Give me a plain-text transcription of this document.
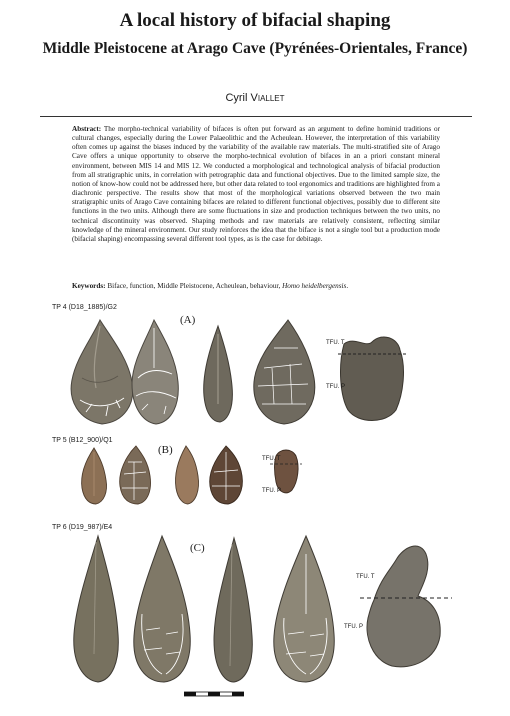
A local history of bifacial shaping
Middle Pleistocene at Arago Cave (Pyrénées-Orientales, France)
Cyril Viallet

Abstract: The morpho-technical variability of bifaces is often put forward as an argument to define hominid traditions or cultural changes, especially during the Lower Palaeolithic and the Acheulean. However, the interpretation of this variability often comes up against the biases induced by the variability of the available raw materials. The multi-stratified site of Arago Cave offers a unique opportunity to observe the morpho-technical evolution of bifaces in an a priori constant mineral environment, between MIS 14 and MIS 12. We conducted a morphological and technological analysis of bifacial production from all stratigraphic units, in correlation with petrographic data and functional objectives. Due to the limited sample size, the notion of know-how could not be addressed here, but other data related to tool ergonomics and traditions are highlighted from a diachronic perspective. The results show that most of the morphological variations observed between the two main stratigraphic units of Arago Cave containing bifaces are related to different functional objectives, possibly due to different site functions in the two units. Although there are some fluctuations in size and production techniques between the two units, no technical discontinuity was observed. Shaping methods and raw materials are relatively consistent, reflecting similar knowledge of the mineral environment. Our study reinforces the idea that the biface is not a single tool but a production mode (bifacial shaping) encompassing several different tool types, as is the case for debitage.

Keywords: Biface, function, Middle Pleistocene, Acheulean, behaviour, Homo heidelbergensis.

TP 4 (D18_1885)/G2
(A)
TFU. T
TFU. P
TP 5 (B12_900)/Q1
(B)
TFU. T
TFU. P
TP 6 (D19_987)/E4
(C)
TFU. T
TFU. P
